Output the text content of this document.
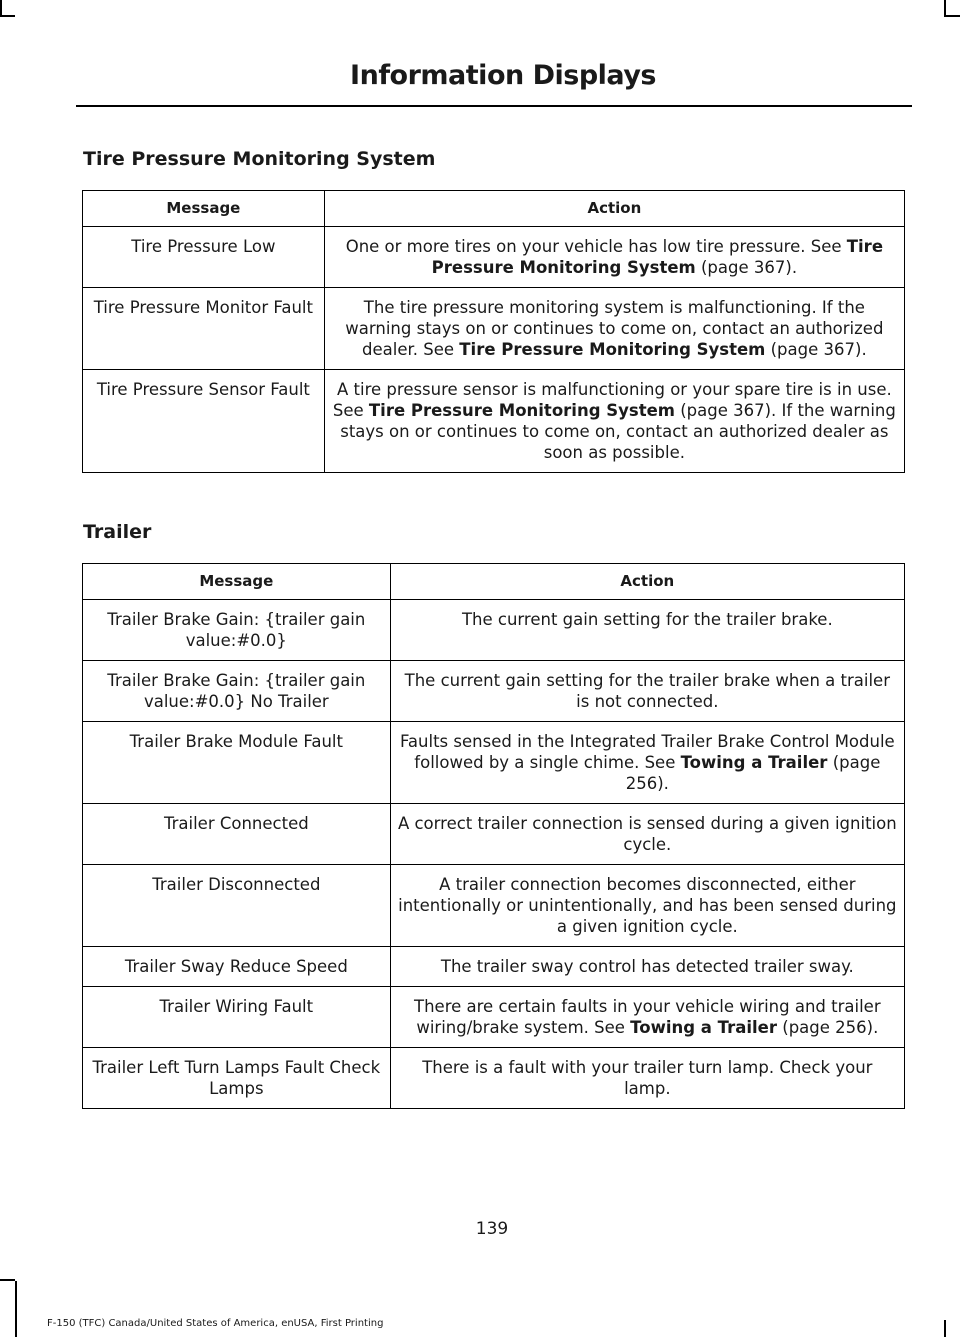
Information Displays
Tire Pressure Monitoring System
Message	Action
Tire Pressure Low	One or more tires on your vehicle has low tire pressure. See Tire Pressure Monitoring System (page 367).
Tire Pressure Monitor Fault	The tire pressure monitoring system is malfunctioning. If the warning stays on or continues to come on, contact an authorized dealer. See Tire Pressure Monitoring System (page 367).
Tire Pressure Sensor Fault	A tire pressure sensor is malfunctioning or your spare tire is in use. See Tire Pressure Monitoring System (page 367). If the warning stays on or continues to come on, contact an authorized dealer as soon as possible.
Trailer
Message	Action
Trailer Brake Gain: {trailer gain value:#0.0}	The current gain setting for the trailer brake.
Trailer Brake Gain: {trailer gain value:#0.0} No Trailer	The current gain setting for the trailer brake when a trailer is not connected.
Trailer Brake Module Fault	Faults sensed in the Integrated Trailer Brake Control Module followed by a single chime. See Towing a Trailer (page 256).
Trailer Connected	A correct trailer connection is sensed during a given ignition cycle.
Trailer Disconnected	A trailer connection becomes disconnected, either intentionally or unintentionally, and has been sensed during a given ignition cycle.
Trailer Sway Reduce Speed	The trailer sway control has detected trailer sway.
Trailer Wiring Fault	There are certain faults in your vehicle wiring and trailer wiring/brake system. See Towing a Trailer (page 256).
Trailer Left Turn Lamps Fault Check Lamps	There is a fault with your trailer turn lamp. Check your lamp.
139
F-150 (TFC) Canada/United States of America, enUSA, First Printing
